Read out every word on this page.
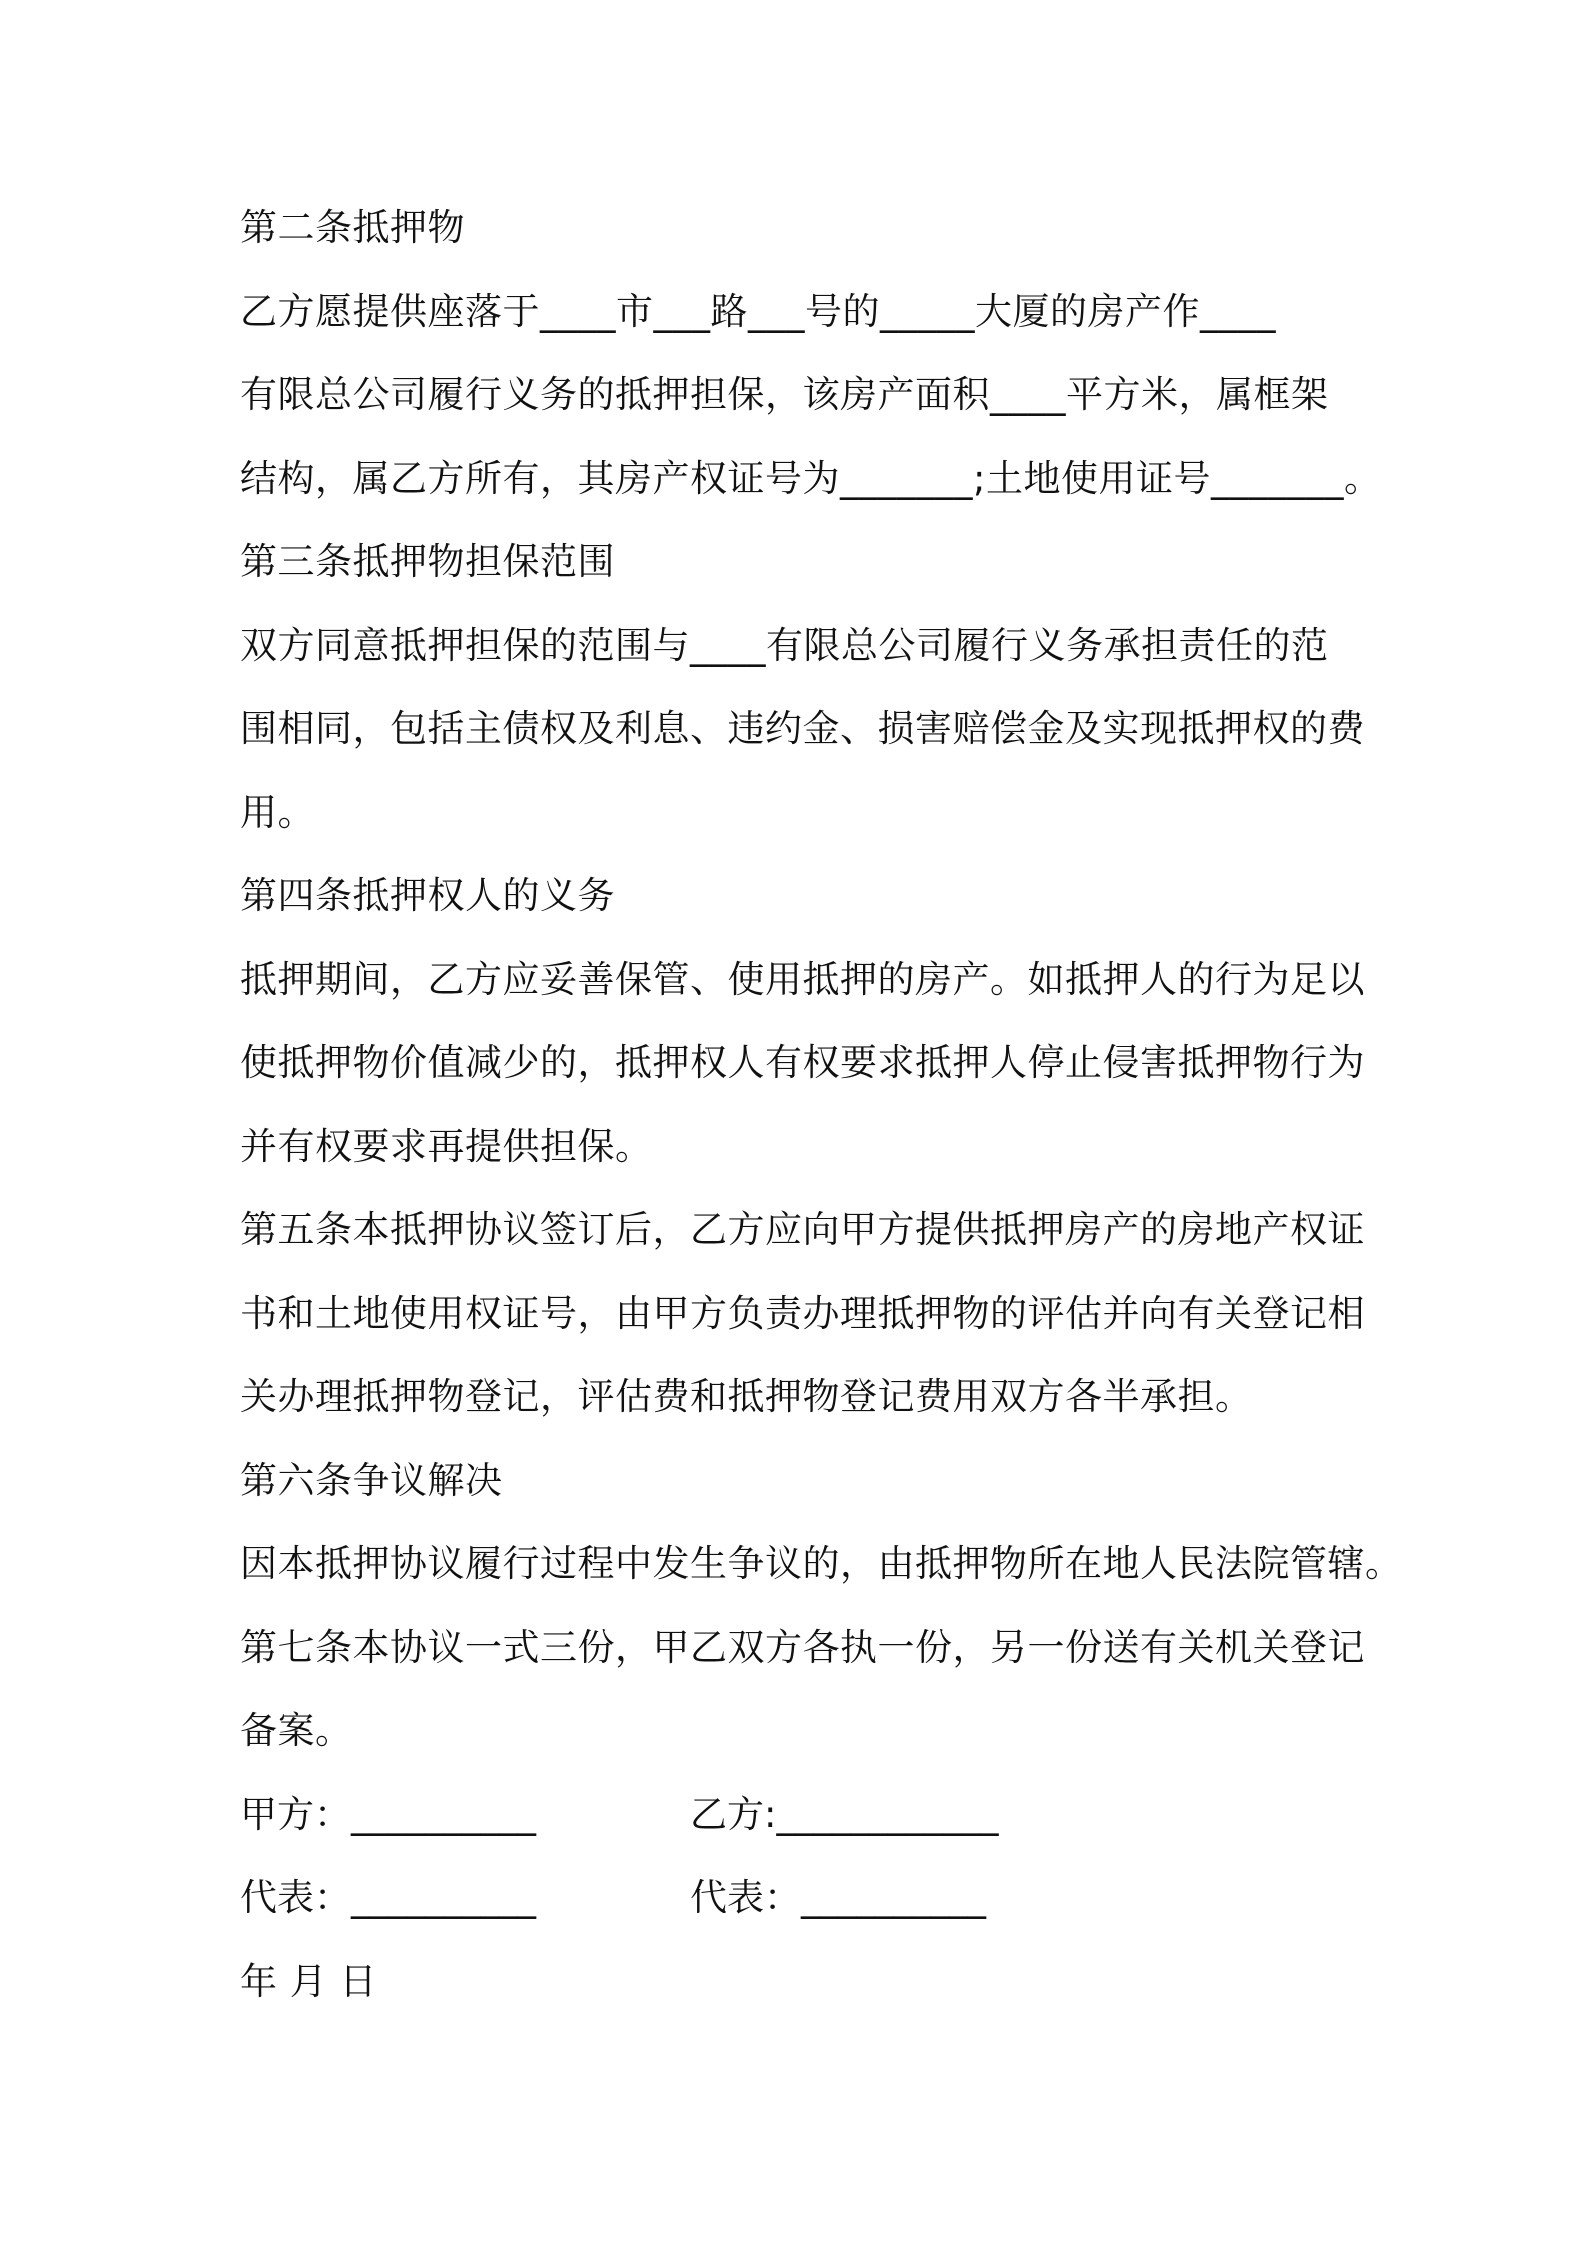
第二条抵押物
乙方愿提供座落于____市___路___号的_____大厦的房产作____
有限总公司履行义务的抵押担保，该房产面积____平方米，属框架
结构，属乙方所有，其房产权证号为_______;土地使用证号_______。
第三条抵押物担保范围
双方同意抵押担保的范围与____有限总公司履行义务承担责任的范
围相同，包括主债权及利息、违约金、损害赔偿金及实现抵押权的费
用。
第四条抵押权人的义务
抵押期间，乙方应妥善保管、使用抵押的房产。如抵押人的行为足以
使抵押物价值减少的，抵押权人有权要求抵押人停止侵害抵押物行为
并有权要求再提供担保。
第五条本抵押协议签订后，乙方应向甲方提供抵押房产的房地产权证
书和土地使用权证号，由甲方负责办理抵押物的评估并向有关登记相
关办理抵押物登记，评估费和抵押物登记费用双方各半承担。
第六条争议解决
因本抵押协议履行过程中发生争议的，由抵押物所在地人民法院管辖。
第七条本协议一式三份，甲乙双方各执一份，另一份送有关机关登记
备案。
甲方：__________	乙方:____________
代表：__________	代表：__________
年 月 日
